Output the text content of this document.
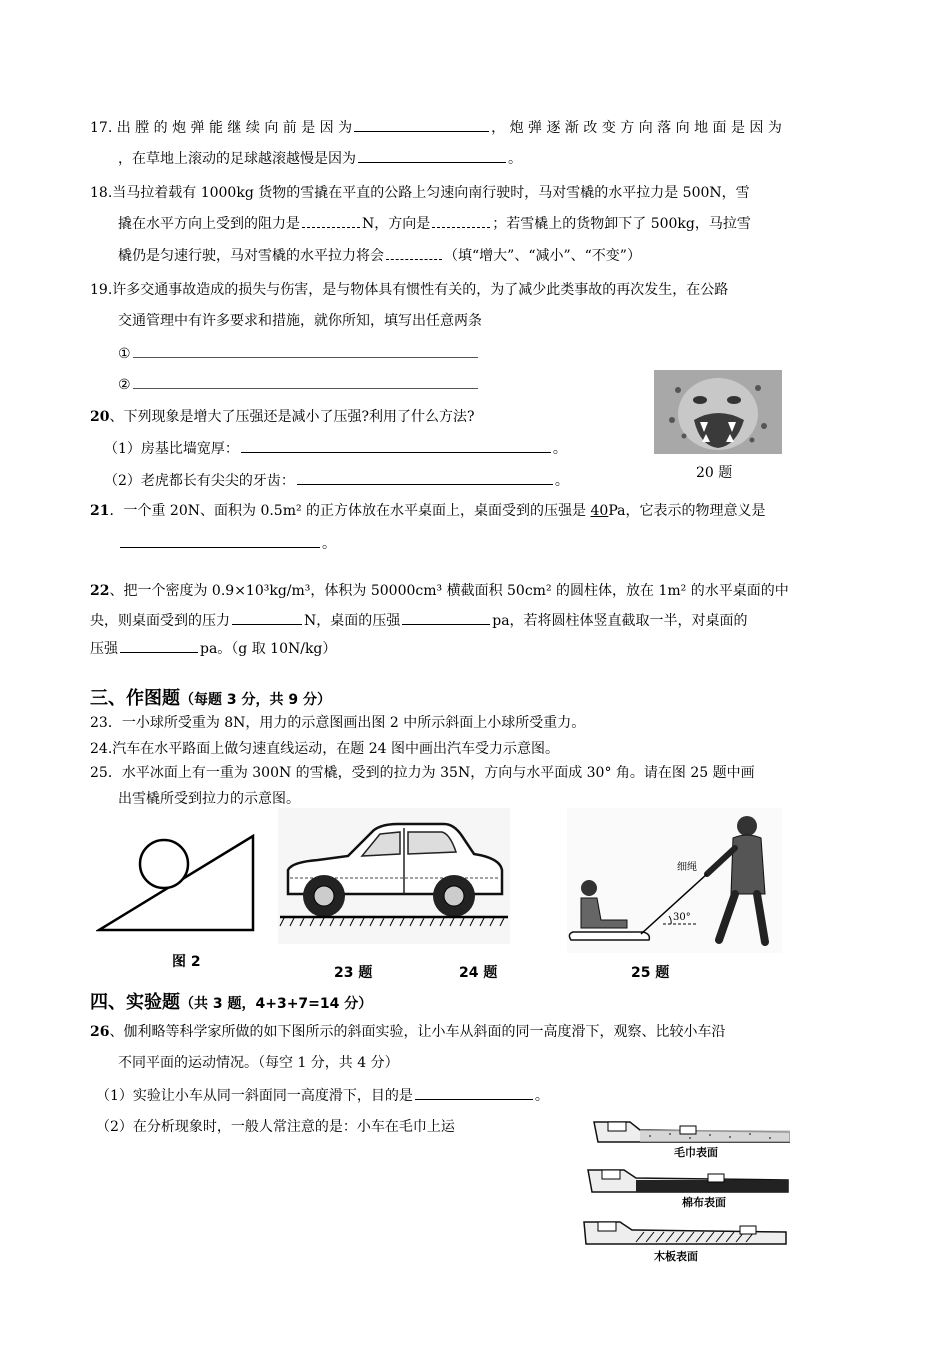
17. 出 膛 的 炮 弹 能 继 续 向 前 是 因 为	， 炮 弹 逐 渐 改 变 方 向 落 向 地 面 是 因 为
，在草地上滚动的足球越滚越慢是因为	。
18.当马拉着载有 1000kg 货物的雪撬在平直的公路上匀速向南行驶时，马对雪橇的水平拉力是 500N，雪
撬在水平方向上受到的阻力是	N，方向是	；若雪橇上的货物卸下了 500kg，马拉雪
橇仍是匀速行驶，马对雪橇的水平拉力将会	（填“增大”、“减小”、“不变”）
19.许多交通事故造成的损失与伤害，是与物体具有惯性有关的，为了减少此类事故的再次发生，在公路
交通管理中有许多要求和措施，就你所知，填写出任意两条
①
②
20、下列现象是增大了压强还是减小了压强?利用了什么方法?
（1）房基比墙宽厚：	。
（2）老虎都长有尖尖的牙齿：	。	20 题
21．一个重 20N、面积为 0.5m² 的正方体放在水平桌面上，桌面受到的压强是 40Pa，它表示的物理意义是
。
22、把一个密度为 0.9×10³kg/m³，体积为 50000cm³ 横截面积 50cm² 的圆柱体，放在 1m² 的水平桌面的中
央，则桌面受到的压力	N，桌面的压强	pa，若将圆柱体竖直截取一半，对桌面的
压强	pa。（g 取 10N/kg）
三、作图题（每题 3 分，共 9 分）
23．一小球所受重为 8N，用力的示意图画出图 2 中所示斜面上小球所受重力。
24.汽车在水平路面上做匀速直线运动，在题 24 图中画出汽车受力示意图。
25．水平冰面上有一重为 300N 的雪橇，受到的拉力为 35N，方向与水平面成 30° 角。请在图 25 题中画
出雪橇所受到拉力的示意图。
图 2
23 题	24 题
细绳
30°
25 题
四、实验题（共 3 题，4+3+7=14 分）
26、伽利略等科学家所做的如下图所示的斜面实验，让小车从斜面的同一高度滑下，观察、比较小车沿
不同平面的运动情况。（每空 1 分，共 4 分）
（1）实验让小车从同一斜面同一高度滑下，目的是	。
（2）在分析现象时，一般人常注意的是：小车在毛巾上运
毛巾表面
棉布表面
木板表面
